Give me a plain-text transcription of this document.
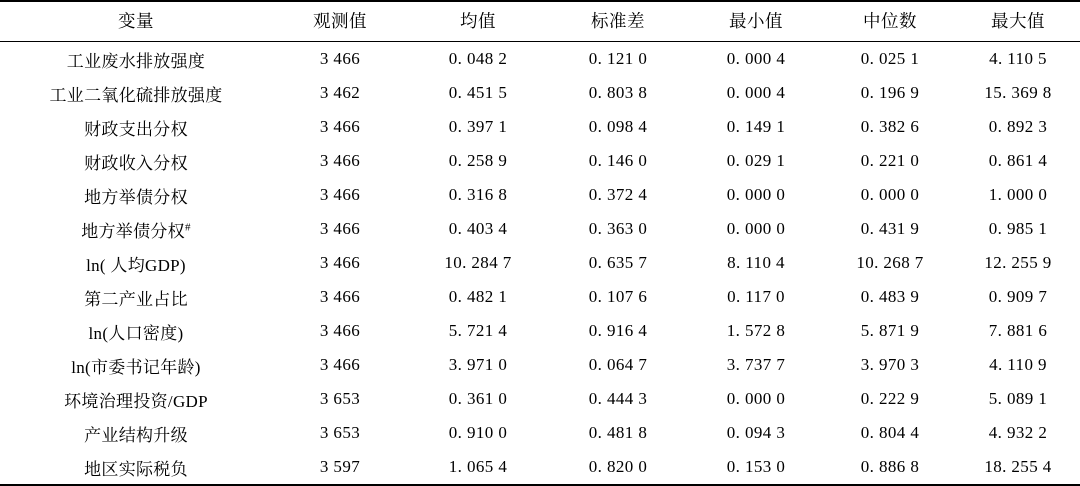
变量	观测值	均值	标准差	最小值	中位数	最大值
工业废水排放强度	3 466	0. 048 2	0. 121 0	0. 000 4	0. 025 1	4. 110 5
工业二氧化硫排放强度	3 462	0. 451 5	0. 803 8	0. 000 4	0. 196 9	15. 369 8
财政支出分权	3 466	0. 397 1	0. 098 4	0. 149 1	0. 382 6	0. 892 3
财政收入分权	3 466	0. 258 9	0. 146 0	0. 029 1	0. 221 0	0. 861 4
地方举债分权	3 466	0. 316 8	0. 372 4	0. 000 0	0. 000 0	1. 000 0
地方举债分权#	3 466	0. 403 4	0. 363 0	0. 000 0	0. 431 9	0. 985 1
ln( 人均GDP)	3 466	10. 284 7	0. 635 7	8. 110 4	10. 268 7	12. 255 9
第二产业占比	3 466	0. 482 1	0. 107 6	0. 117 0	0. 483 9	0. 909 7
ln(人口密度)	3 466	5. 721 4	0. 916 4	1. 572 8	5. 871 9	7. 881 6
ln(市委书记年龄)	3 466	3. 971 0	0. 064 7	3. 737 7	3. 970 3	4. 110 9
环境治理投资/GDP	3 653	0. 361 0	0. 444 3	0. 000 0	0. 222 9	5. 089 1
产业结构升级	3 653	0. 910 0	0. 481 8	0. 094 3	0. 804 4	4. 932 2
地区实际税负	3 597	1. 065 4	0. 820 0	0. 153 0	0. 886 8	18. 255 4
